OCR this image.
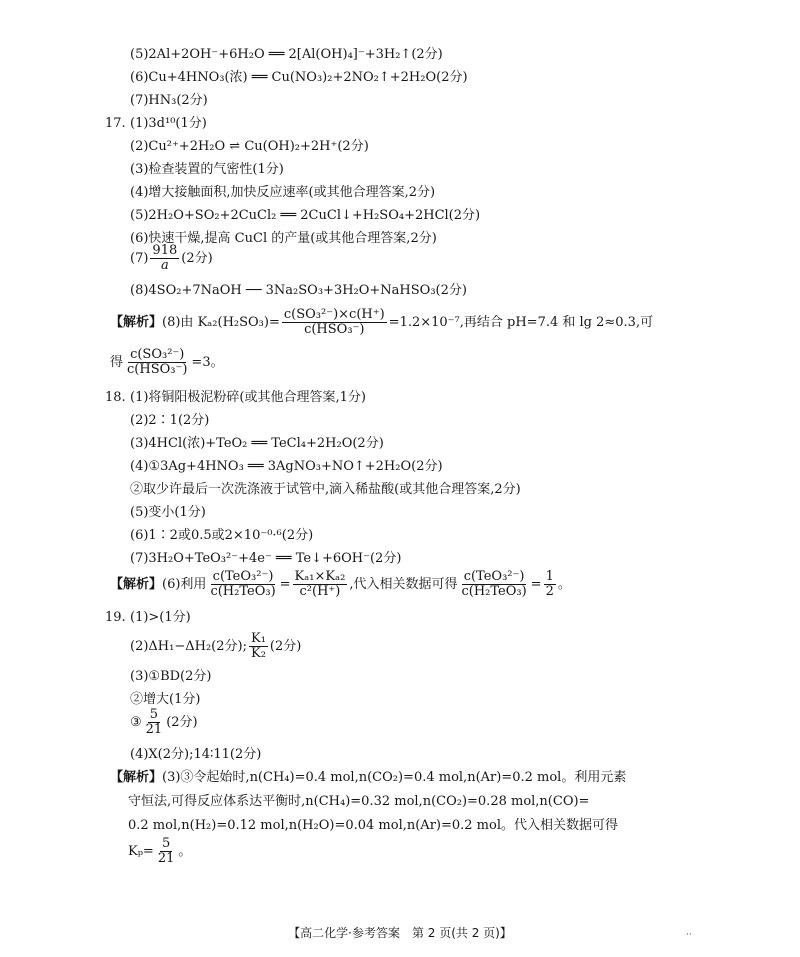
(5)2Al+2OH⁻+6H₂O ══ 2[Al(OH)₄]⁻+3H₂↑(2分)
(6)Cu+4HNO₃(浓) ══ Cu(NO₃)₂+2NO₂↑+2H₂O(2分)
(7)HN₃(2分)
17. (1)3d¹⁰(1分)
(2)Cu²⁺+2H₂O ⇌ Cu(OH)₂+2H⁺(2分)
(3)检查装置的气密性(1分)
(4)增大接触面积,加快反应速率(或其他合理答案,2分)
(5)2H₂O+SO₂+2CuCl₂ ══ 2CuCl↓+H₂SO₄+2HCl(2分)
(6)快速干燥,提高 CuCl 的产量(或其他合理答案,2分)
$(7) \frac{918}{a} (2$分)
(8)4SO₂+7NaOH ── 3Na₂SO₃+3H₂O+NaHSO₃(2分)
【解析】(8)由 $K_{a2}(H_2SO_3)= \frac{\text{c(SO₃²⁻)×c(H⁺)}}{\text{c(HSO₃⁻)}} =1.2\times 10^{-7}$,再结合 pH=7.4 和 lg 2≈0.3,可
得 $\frac{\text{c(SO₃²⁻)}}{\text{c(HSO₃⁻)}} =3$。
18. (1)将铜阳极泥粉碎(或其他合理答案,1分)
(2)2∶1(2分)
(3)4HCl(浓)+TeO₂ ══ TeCl₄+2H₂O(2分)
(4)①3Ag+4HNO₃ ══ 3AgNO₃+NO↑+2H₂O(2分)
②取少许最后一次洗涤液于试管中,滴入稀盐酸(或其他合理答案,2分)
(5)变小(1分)
(6)1∶2或0.5或2×10⁻⁰·⁶(2分)
(7)3H₂O+TeO₃²⁻+4e⁻ ══ Te↓+6OH⁻(2分)
【解析】(6)利用 $\frac{\text{c(TeO₃²⁻)}}{\text{c(H₂TeO₃)}} = \frac{\text{Kₐ₁×Kₐ₂}}{\text{c²(H⁺)}}$ ,代入相关数据可得 $\frac{\text{c(TeO₃²⁻)}}{\text{c(H₂TeO₃)}} = \frac{1}{2}$ 。
19. (1)>(1分)
(2)ΔH₁−ΔH₂(2分); $\frac{\text{K₁}}{\text{K₂}} (2$分)
(3)①BD(2分)
②增大(1分)
③ $\frac{5}{21} (2$分)
(4)X(2分);14∶11(2分)
【解析】(3)③令起始时,n(CH₄)=0.4 mol,n(CO₂)=0.4 mol,n(Ar)=0.2 mol。利用元素
守恒法,可得反应体系达平衡时,n(CH₄)=0.32 mol,n(CO₂)=0.28 mol,n(CO)=
0.2 mol,n(H₂)=0.12 mol,n(H₂O)=0.04 mol,n(Ar)=0.2 mol。代入相关数据可得
$K_p= \frac{5}{21}$ 。
【高二化学·参考答案　第 2 页(共 2 页)】	··
